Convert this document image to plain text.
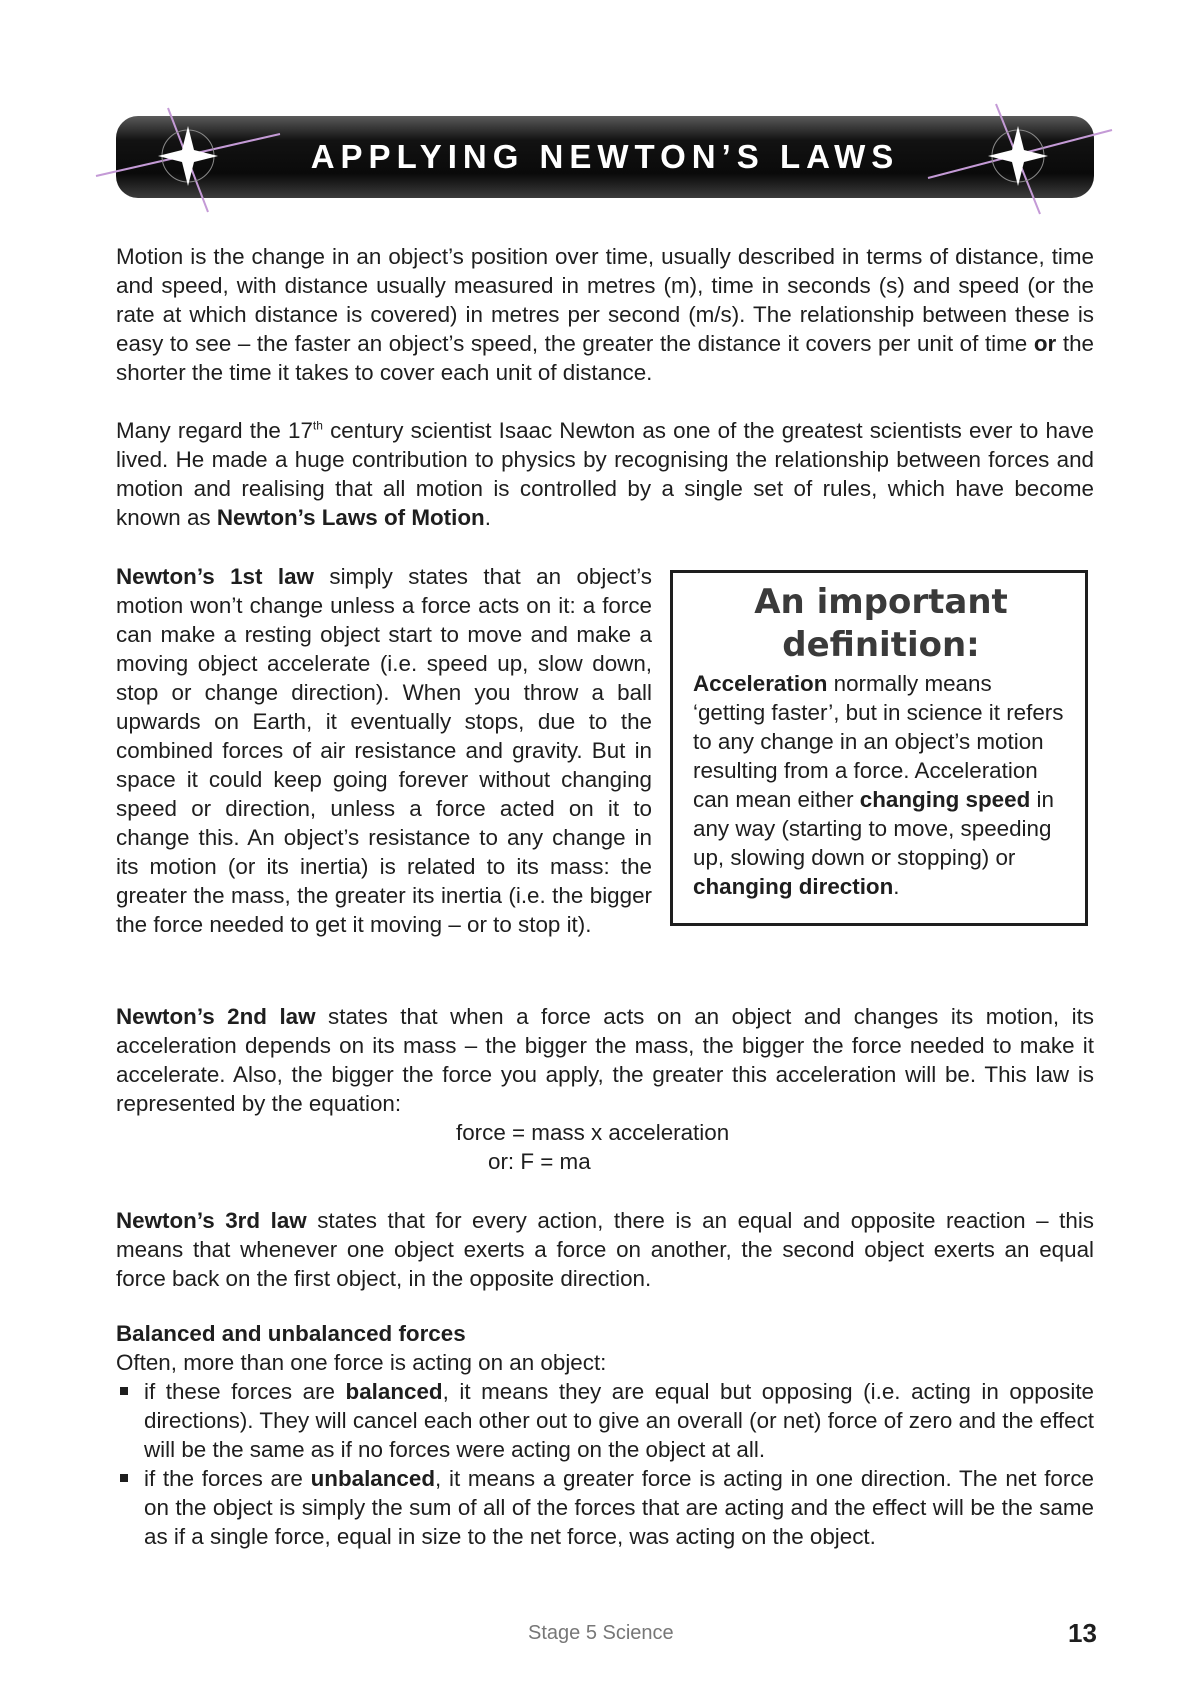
APPLYING NEWTON’S LAWS

Motion is the change in an object’s position over time, usually described in terms of distance, time and speed, with distance usually measured in metres (m), time in seconds (s) and speed (or the rate at which distance is covered) in metres per second (m/s). The relationship between these is easy to see – the faster an object’s speed, the greater the distance it covers per unit of time or the shorter the time it takes to cover each unit of distance.

Many regard the 17th century scientist Isaac Newton as one of the greatest scientists ever to have lived. He made a huge contribution to physics by recognising the relationship between forces and motion and realising that all motion is controlled by a single set of rules, which have become known as Newton’s Laws of Motion.

Newton’s 1st law simply states that an object’s motion won’t change unless a force acts on it: a force can make a resting object start to move and make a moving object accelerate (i.e. speed up, slow down, stop or change direction). When you throw a ball upwards on Earth, it eventually stops, due to the combined forces of air resistance and gravity. But in space it could keep going forever without changing speed or direction, unless a force acted on it to change this. An object’s resistance to any change in its motion (or its inertia) is related to its mass: the greater the mass, the greater its inertia (i.e. the bigger the force needed to get it moving – or to stop it).

An important
definition:

Acceleration normally means ‘getting faster’, but in science it refers to any change in an object’s motion resulting from a force. Acceleration can mean either changing speed in any way (starting to move, speeding up, slowing down or stopping) or changing direction.

Newton’s 2nd law states that when a force acts on an object and changes its motion, its acceleration depends on its mass – the bigger the mass, the bigger the force needed to make it accelerate. Also, the bigger the force you apply, the greater this acceleration will be. This law is represented by the equation:

force = mass x acceleration
or: F = ma

Newton’s 3rd law states that for every action, there is an equal and opposite reaction – this means that whenever one object exerts a force on another, the second object exerts an equal force back on the first object, in the opposite direction.

Balanced and unbalanced forces
Often, more than one force is acting on an object:
if these forces are balanced, it means they are equal but opposing (i.e. acting in opposite directions). They will cancel each other out to give an overall (or net) force of zero and the effect will be the same as if no forces were acting on the object at all.
if the forces are unbalanced, it means a greater force is acting in one direction. The net force on the object is simply the sum of all of the forces that are acting and the effect will be the same as if a single force, equal in size to the net force, was acting on the object.
Stage 5 Science	13
